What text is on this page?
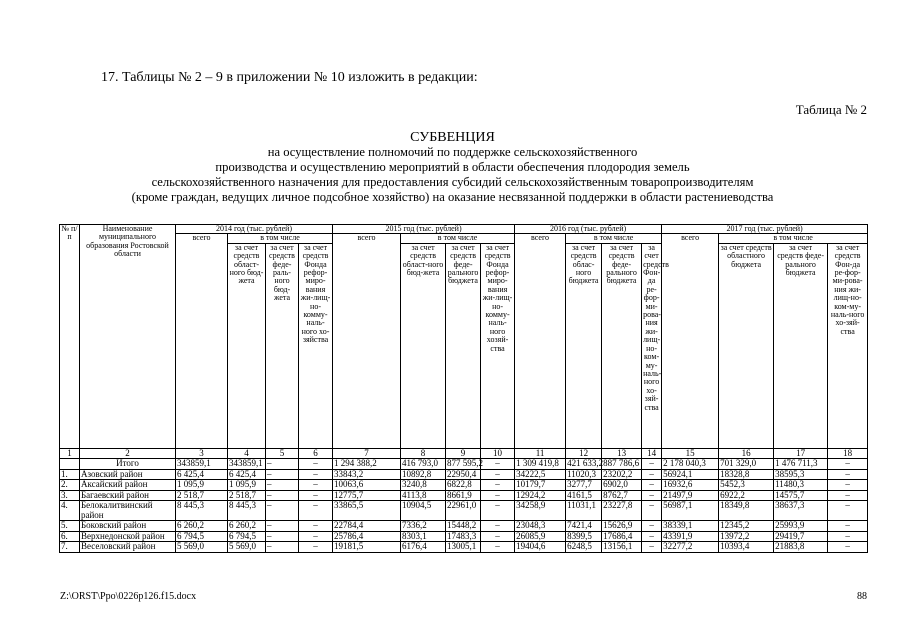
17. Таблицы № 2 – 9 в приложении № 10 изложить в редакции:
Таблица № 2
СУБВЕНЦИЯ
на осуществление полномочий по поддержке сельскохозяйственного
производства и осуществлению мероприятий в области обеспечения плодородия земель
сельскохозяйственного назначения для предоставления субсидий сельскохозяйственным товаропроизводителям
(кроме граждан, ведущих личное подсобное хозяйство) на оказание несвязанной поддержки в области растениеводства
№ п/п	Наименование муниципального образования Ростовской области	2014 год (тыс. рублей)				2015 год (тыс. рублей)				2016 год (тыс. рублей)				2017 год (тыс. рублей)			
		всего	в том числе			всего	в том числе			всего	в том числе			всего	в том числе		
			за счет средств област-ного бюд-жета	за счет средств феде-раль-ного бюд-жета	за счет средств Фонда рефор-миро-вания жи-лищ-но-комму-наль-ного хо-зяйства		за счет средств област-ного бюд-жета	за счет средств феде-рального бюджета	за счет средств Фонда рефор-миро-вания жи-лищ-но-комму-наль-ного хозяй-ства		за счет средств облас-ного бюджета	за счет средств феде-рального бюджета	за счет средств Фон-да ре-фор-ми-рова-ния жи-лищ-но-ком-му-наль-ного хо-зяй-ства		за счет средств областного бюджета	за счет средств феде-рального бюджета	за счет средств Фон-да ре-фор-ми-рова-ния жи-лищ-но-ком-му-наль-ного хо-зяй-ства
1	2	3	4	5	6	7	8	9	10	11	12	13	14	15	16	17	18
	Итого	343859,1	343859,1	–	–	1 294 388,2	416 793,0	877 595,2	–	1 309 419,8	421 633,2	887 786,6	–	2 178 040,3	701 329,0	1 476 711,3	–
1.	Азовский район	6 425,4	6 425,4	–	–	33843,2	10892,8	22950,4	–	34222,5	11020,3	23202,2	–	56924,1	18328,8	38595,3	–
2.	Аксайский район	1 095,9	1 095,9	–	–	10063,6	3240,8	6822,8	–	10179,7	3277,7	6902,0	–	16932,6	5452,3	11480,3	–
3.	Багаевский район	2 518,7	2 518,7	–	–	12775,7	4113,8	8661,9	–	12924,2	4161,5	8762,7	–	21497,9	6922,2	14575,7	–
4.	Белокалитвинский район	8 445,3	8 445,3	–	–	33865,5	10904,5	22961,0	–	34258,9	11031,1	23227,8	–	56987,1	18349,8	38637,3	–
5.	Боковский район	6 260,2	6 260,2	–	–	22784,4	7336,2	15448,2	–	23048,3	7421,4	15626,9	–	38339,1	12345,2	25993,9	–
6.	Верхнедонской район	6 794,5	6 794,5	–	–	25786,4	8303,1	17483,3	–	26085,9	8399,5	17686,4	–	43391,9	13972,2	29419,7	–
7.	Веселовский район	5 569,0	5 569,0	–	–	19181,5	6176,4	13005,1	–	19404,6	6248,5	13156,1	–	32277,2	10393,4	21883,8	–
Z:\ORST\Ppo\0226p126.f15.docx	88
